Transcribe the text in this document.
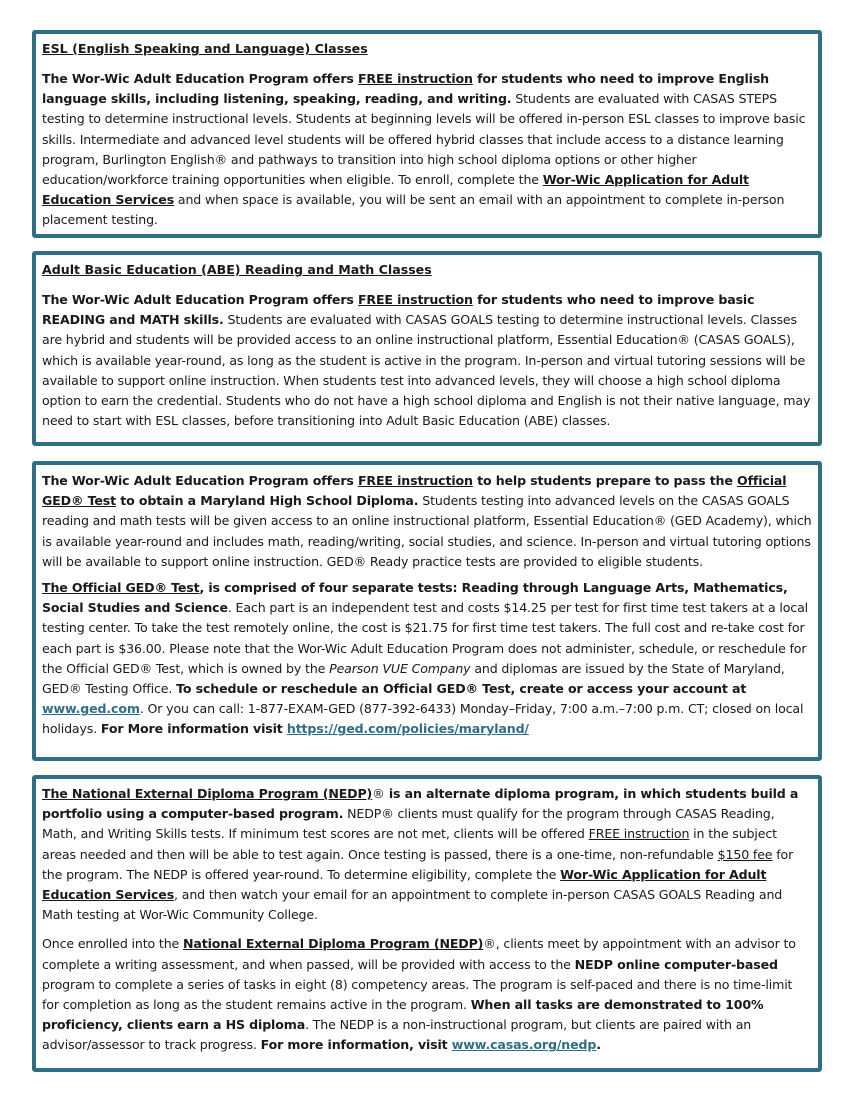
ESL (English Speaking and Language) Classes
The Wor-Wic Adult Education Program offers FREE instruction for students who need to improve English language skills, including listening, speaking, reading, and writing. Students are evaluated with CASAS STEPS testing to determine instructional levels. Students at beginning levels will be offered in-person ESL classes to improve basic skills. Intermediate and advanced level students will be offered hybrid classes that include access to a distance learning program, Burlington English® and pathways to transition into high school diploma options or other higher education/workforce training opportunities when eligible. To enroll, complete the Wor-Wic Application for Adult Education Services and when space is available, you will be sent an email with an appointment to complete in-person placement testing.
Adult Basic Education (ABE) Reading and Math Classes
The Wor-Wic Adult Education Program offers FREE instruction for students who need to improve basic READING and MATH skills. Students are evaluated with CASAS GOALS testing to determine instructional levels. Classes are hybrid and students will be provided access to an online instructional platform, Essential Education® (CASAS GOALS), which is available year-round, as long as the student is active in the program. In-person and virtual tutoring sessions will be available to support online instruction. When students test into advanced levels, they will choose a high school diploma option to earn the credential. Students who do not have a high school diploma and English is not their native language, may need to start with ESL classes, before transitioning into Adult Basic Education (ABE) classes.
The Wor-Wic Adult Education Program offers FREE instruction to help students prepare to pass the Official GED® Test to obtain a Maryland High School Diploma. Students testing into advanced levels on the CASAS GOALS reading and math tests will be given access to an online instructional platform, Essential Education® (GED Academy), which is available year-round and includes math, reading/writing, social studies, and science. In-person and virtual tutoring options will be available to support online instruction. GED® Ready practice tests are provided to eligible students.
The Official GED® Test, is comprised of four separate tests: Reading through Language Arts, Mathematics, Social Studies and Science. Each part is an independent test and costs $14.25 per test for first time test takers at a local testing center. To take the test remotely online, the cost is $21.75 for first time test takers. The full cost and re-take cost for each part is $36.00. Please note that the Wor-Wic Adult Education Program does not administer, schedule, or reschedule for the Official GED® Test, which is owned by the Pearson VUE Company and diplomas are issued by the State of Maryland, GED® Testing Office. To schedule or reschedule an Official GED® Test, create or access your account at www.ged.com. Or you can call: 1-877-EXAM-GED (877-392-6433) Monday–Friday, 7:00 a.m.–7:00 p.m. CT; closed on local holidays. For More information visit https://ged.com/policies/maryland/
The National External Diploma Program (NEDP)® is an alternate diploma program, in which students build a portfolio using a computer-based program. NEDP® clients must qualify for the program through CASAS Reading, Math, and Writing Skills tests. If minimum test scores are not met, clients will be offered FREE instruction in the subject areas needed and then will be able to test again. Once testing is passed, there is a one-time, non-refundable $150 fee for the program. The NEDP is offered year-round. To determine eligibility, complete the Wor-Wic Application for Adult Education Services, and then watch your email for an appointment to complete in-person CASAS GOALS Reading and Math testing at Wor-Wic Community College.
Once enrolled into the National External Diploma Program (NEDP)®, clients meet by appointment with an advisor to complete a writing assessment, and when passed, will be provided with access to the NEDP online computer-based program to complete a series of tasks in eight (8) competency areas. The program is self-paced and there is no time-limit for completion as long as the student remains active in the program. When all tasks are demonstrated to 100% proficiency, clients earn a HS diploma. The NEDP is a non-instructional program, but clients are paired with an advisor/assessor to track progress. For more information, visit www.casas.org/nedp.
